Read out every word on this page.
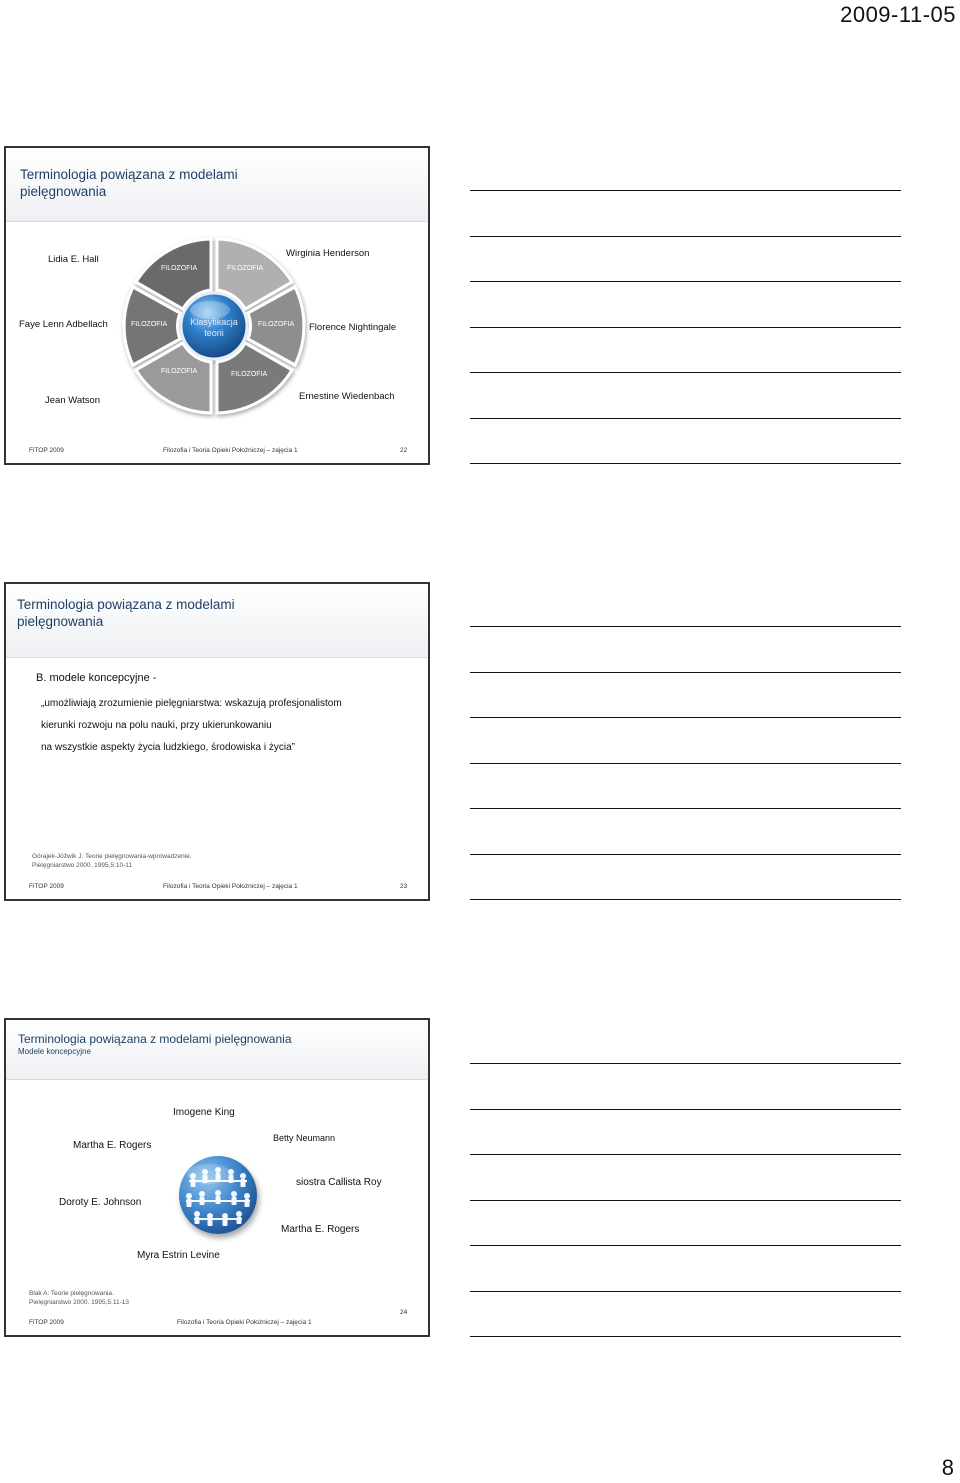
2009-11-05
Terminologia powiązana z modelami
pielęgnowania
FILOZOFIA	FILOZOFIA
FILOZOFIA	FILOZOFIA
FILOZOFIA	FILOZOFIA
Klasyfikacja
teorii
Lidia E. Hall
Wirginia Henderson
Faye Lenn Adbellach	Florence Nightingale
Jean Watson	Ernestine Wiedenbach
FiTOP 2009	Filozofia i Teoria Opieki Położniczej – zajęcia 1	22
Terminologia powiązana z modelami
pielęgnowania
B. modele koncepcyjne -
„umożliwiają zrozumienie pielęgniarstwa: wskazują profesjonalistom
kierunki rozwoju na polu nauki, przy ukierunkowaniu
na wszystkie aspekty życia ludzkiego, środowiska i życia”
Górajek-Jóźwik J: Teorie pielęgnowania-wprowadzenie.
Pielęgniarstwo 2000. 1995,5:10-11
FiTOP 2009	Filozofia i Teoria Opieki Położniczej – zajęcia 1	23
Terminologia powiązana z modelami pielęgnowania
Modele koncepcyjne
Imogene King
Martha E. Rogers
Betty Neumann
siostra Callista Roy
Doroty E. Johnson
Martha E. Rogers
Myra Estrin Levine
Blak A: Teorie pielęgnowania.
Pielęgniarstwo 2000. 1995,5:11-13
FiTOP 2009	Filozofia i Teoria Opieki Położniczej – zajęcia 1
24
8
